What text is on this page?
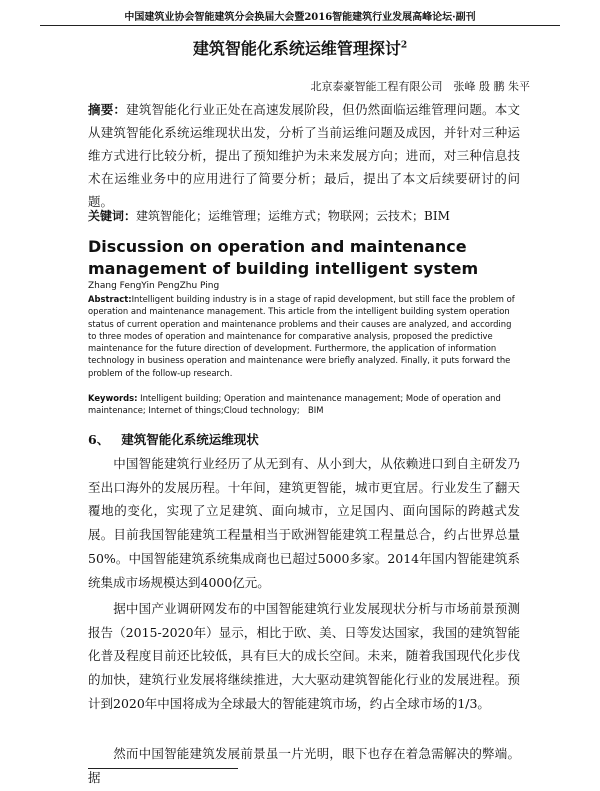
中国建筑业协会智能建筑分会换届大会暨2016智能建筑行业发展高峰论坛·副刊
建筑智能化系统运维管理探讨$^2$
北京泰豪智能工程有限公司　张峰 殷 鹏 朱平
摘要：建筑智能化行业正处在高速发展阶段，但仍然面临运维管理问题。本文从建筑智能化系统运维现状出发，分析了当前运维问题及成因，并针对三种运维方式进行比较分析，提出了预知维护为未来发展方向；进而，对三种信息技术在运维业务中的应用进行了简要分析；最后，提出了本文后续要研讨的问题。
关键词：建筑智能化；运维管理；运维方式；物联网；云技术；BIM
Discussion on operation and maintenance management of building intelligent system
Zhang FengYin PengZhu Ping
Abstract:Intelligent building industry is in a stage of rapid development, but still face the problem of operation and maintenance management. This article from the intelligent building system operation status of current operation and maintenance problems and their causes are analyzed, and according to three modes of operation and maintenance for comparative analysis, proposed the predictive maintenance for the future direction of development. Furthermore, the application of information technology in business operation and maintenance were briefly analyzed. Finally, it puts forward the problem of the follow-up research.
Keywords: Intelligent building; Operation and maintenance management; Mode of operation and maintenance; Internet of things;Cloud technology;　BIM
6、 建筑智能化系统运维现状
中国智能建筑行业经历了从无到有、从小到大，从依赖进口到自主研发乃至出口海外的发展历程。十年间，建筑更智能，城市更宜居。行业发生了翻天覆地的变化，实现了立足建筑、面向城市，立足国内、面向国际的跨越式发展。目前我国智能建筑工程量相当于欧洲智能建筑工程量总合，约占世界总量50%。中国智能建筑系统集成商也已超过5000多家。2014年国内智能建筑系统集成市场规模达到4000亿元。
据中国产业调研网发布的中国智能建筑行业发展现状分析与市场前景预测报告（2015-2020年）显示，相比于欧、美、日等发达国家，我国的建筑智能化普及程度目前还比较低，具有巨大的成长空间。未来，随着我国现代化步伐的加快，建筑行业发展将继续推进，大大驱动建筑智能化行业的发展进程。预计到2020年中国将成为全球最大的智能建筑市场，约占全球市场的1/3。
然而中国智能建筑发展前景虽一片光明，眼下也存在着急需解决的弊端。据
